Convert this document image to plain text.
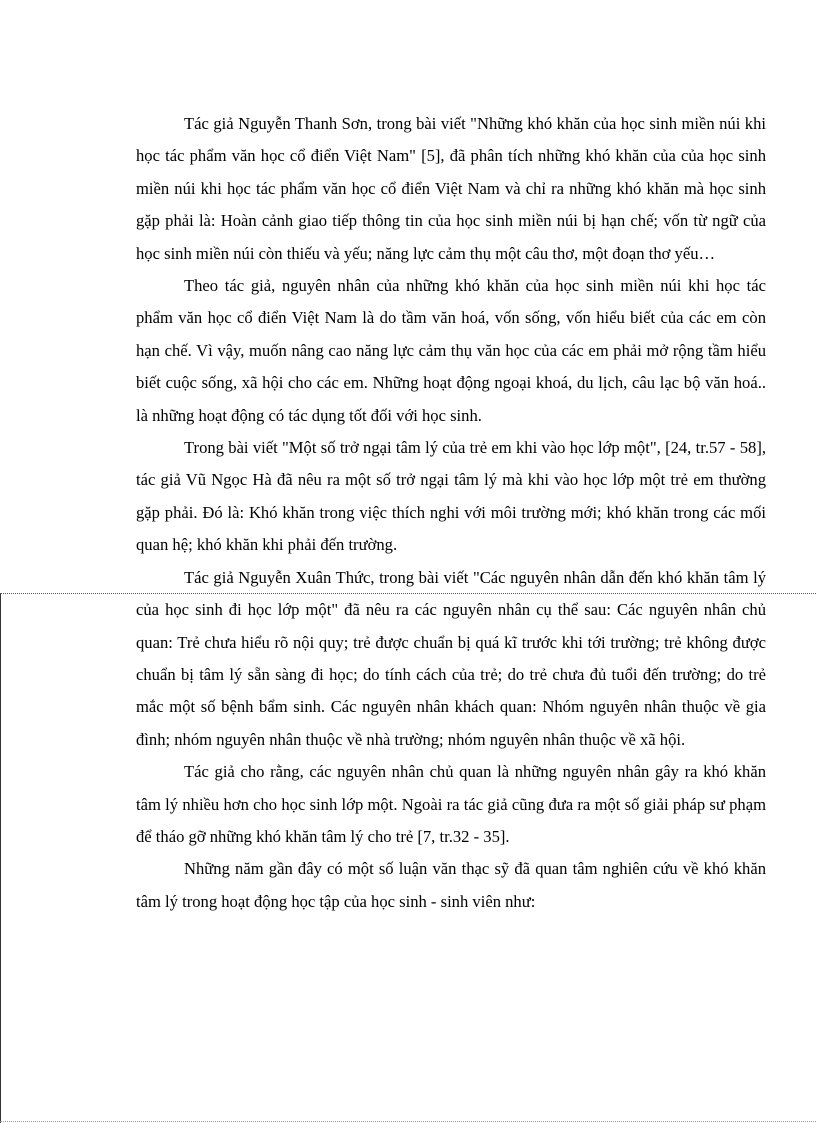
Tác giả Nguyễn Thanh Sơn, trong bài viết "Những khó khăn của học sinh miền núi khi học tác phẩm văn học cổ điển Việt Nam" [5], đã phân tích những khó khăn của của học sinh miền núi khi học tác phẩm văn học cổ điển Việt Nam và chỉ ra những khó khăn mà học sinh gặp phải là: Hoàn cảnh giao tiếp thông tin của học sinh miền núi bị hạn chế; vốn từ ngữ của học sinh miền núi còn thiếu và yếu; năng lực cảm thụ một câu thơ, một đoạn thơ yếu…

Theo tác giả, nguyên nhân của những khó khăn của học sinh miền núi khi học tác phẩm văn học cổ điển Việt Nam là do tầm văn hoá, vốn sống, vốn hiểu biết của các em còn hạn chế. Vì vậy, muốn nâng cao năng lực cảm thụ văn học của các em phải mở rộng tầm hiểu biết cuộc sống, xã hội cho các em. Những hoạt động ngoại khoá, du lịch, câu lạc bộ văn hoá.. là những hoạt động có tác dụng tốt đối với học sinh.

Trong bài viết "Một số trở ngại tâm lý của trẻ em khi vào học lớp một", [24, tr.57 - 58], tác giả Vũ Ngọc Hà đã nêu ra một số trở ngại tâm lý mà khi vào học lớp một trẻ em thường gặp phải. Đó là: Khó khăn trong việc thích nghi với môi trường mới; khó khăn trong các mối quan hệ; khó khăn khi phải đến trường.

Tác giả Nguyễn Xuân Thức, trong bài viết "Các nguyên nhân dẫn đến khó khăn tâm lý của học sinh đi học lớp một" đã nêu ra các nguyên nhân cụ thể sau: Các nguyên nhân chủ quan: Trẻ chưa hiểu rõ nội quy; trẻ được chuẩn bị quá kĩ trước khi tới trường; trẻ không được chuẩn bị tâm lý sẵn sàng đi học; do tính cách của trẻ; do trẻ chưa đủ tuổi đến trường; do trẻ mắc một số bệnh bẩm sinh. Các nguyên nhân khách quan: Nhóm nguyên nhân thuộc về gia đình; nhóm nguyên nhân thuộc về nhà trường; nhóm nguyên nhân thuộc về xã hội.

Tác giả cho rằng, các nguyên nhân chủ quan là những nguyên nhân gây ra khó khăn tâm lý nhiều hơn cho học sinh lớp một. Ngoài ra tác giả cũng đưa ra một số giải pháp sư phạm để tháo gỡ những khó khăn tâm lý cho trẻ [7, tr.32 - 35].

Những năm gần đây có một số luận văn thạc sỹ đã quan tâm nghiên cứu về khó khăn tâm lý trong hoạt động học tập của học sinh - sinh viên như:
